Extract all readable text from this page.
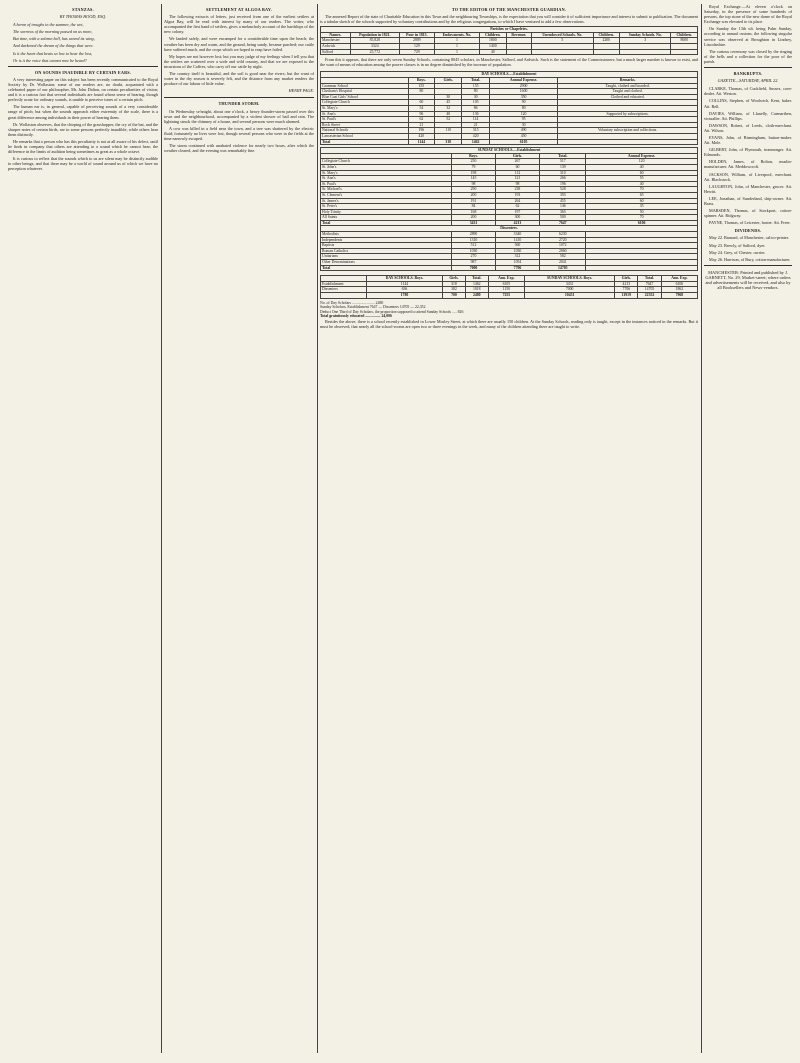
STANZAS.
BY THOMAS HOOD, ESQ.

A heron of troughs in the summer, the wet,

The sorrows of the morning passed on us more,

But time, with a solemn bell, has waved its wing,

And darkened the dream of the things that were.

Is it the heart that beats so low to hear the lost,

Or is it the voice that cannot now be heard?

ON SOUNDS INAUDIBLE BY CERTAIN EARS.

A very interesting paper on this subject has been recently communicated to the Royal Society by Dr. Wollaston; some of our readers are, no doubt, acquainted with a celebrated paper of our philosopher, Mr. John Dalton, on certain peculiarities of vision; and it is a curious fact that several individuals are found whose sense of hearing, though perfectly acute for ordinary sounds, is unable to perceive tones of a certain pitch.

The human ear is, in general, capable of perceiving sounds of a very considerable range of pitch; but when the sounds approach either extremity of the scale, there is a great difference among individuals in their power of hearing them.

Dr. Wollaston observes, that the chirping of the grasshopper, the cry of the bat, and the sharper notes of certain birds, are to some persons perfectly inaudible, while others hear them distinctly.

He remarks that a person who has this peculiarity is not at all aware of his defect, until he finds in company that others are attending to a sound which he cannot hear; the difference in the limits of audition being sometimes as great as a whole octave.

It is curious to reflect that the sounds which to us are silent may be distinctly audible to other beings, and that there may be a world of sound around us of which we have no perception whatever.

SETTLEMENT AT ALGOA BAY.

The following extracts of letters, just received from one of the earliest settlers at Algoa Bay, will be read with interest by many of our readers. The writer, who accompanied the first band of settlers, gives a melancholy account of the hardships of the new colony.

We landed safely, and were encamped for a considerable time upon the beach; the weather has been dry and warm, and the ground, being sandy, became parched; our cattle have suffered much, and the crops which we hoped to reap have failed.

My hopes are not however lost; but you may judge of my feelings when I tell you that the settlers are scattered over a wide and wild country, and that we are exposed to the incursions of the Caffres, who carry off our cattle by night.

The country itself is beautiful, and the soil is good near the rivers; but the want of water in the dry season is severely felt, and the distance from any market renders the produce of our labour of little value.

HENRY PAGE.
THUNDER STORM.

On Wednesday se'nnight, about one o'clock, a heavy thunder-storm passed over this town and the neighbourhood, accompanied by a violent shower of hail and rain. The lightning struck the chimney of a house, and several persons were much alarmed.

A cow was killed in a field near the town, and a tree was shattered by the electric fluid; fortunately no lives were lost, though several persons who were in the fields at the time narrowly escaped.

The storm continued with unabated violence for nearly two hours, after which the weather cleared, and the evening was remarkably fine.

TO THE EDITOR OF THE MANCHESTER GUARDIAN.

The annexed Report of the state of Charitable Education in this Town and the neighbouring Townships, is the expectation that you will consider it of sufficient importance and interest to submit to publication. The document is a tabular sketch of the schools supported by voluntary contributions and by the religious congregations, to which I have ventured to add a few observations.

Parishes or Chapelries.									
Names.	Population in 1821.	Poor in 1815.	Endowments. No.	Children.	Revenue.	Unendowed Schools. No.	Children.	Sunday Schools. No.	Children.
Manchester	85,828	2889	1	1800		5	2200	3	8000
Ardwick	3324	129	1	1400					
Salford	25,772	729	1	40					

From this it appears, that there are only seven Sunday Schools, containing 8045 scholars, in Manchester, Salford, and Ardwick. Such is the statement of the Commissioners; but a much larger number is known to exist, and the want of means of education among the poorer classes is in no degree diminished by the increase of population.

DAY SCHOOLS.—Establishment					
	Boys.	Girls.	Total.	Annual Expense.	Remarks.
Grammar School	155		155	2900	Taught, clothed and boarded.
Chetham's Hospital	80		80	1600	Taught and clothed.
Blue Coat Girls' School		30	30	350	Clothed and educated.
Collegiate Church	60	45	105	90	
St. Mary's	54	32	86	80	
St. Ann's	96	40	136	120	Supported by subscriptions.
St. Paul's	62	52	114	95	
Rock Street	21		21	30	
National Schools	196	119	315	490	Voluntary subscription and collections.
Lancasterian School	420		420	450	
Total	1144	318	1462	6105	
SUNDAY SCHOOLS.—Establishment				
	Boys.	Girls.	Total.	Annual Expense.
Collegiate Church	250	267	517	120
St. John's	79	60	139	40
St. Mary's	198	112	310	60
St. Ann's	145	121	266	55
St. Paul's	98	98	196	40
St. Michael's	290	238	528	70
St. Clement's	200	193	393	65
St. James's	191	264	455	60
St. Peter's	84	62	146	35
Holy Trinity	168	197	365	50
All Saints	200	300	500	70
Total	3431	4213	7647	6106
Dissenters.				
Methodists	2890	3340	6230	
Independents	1310	1410	2720	
Baptists	512	560	1072	
Roman Catholics	1030	1030	2060	
Unitarians	270	312	582	
Other Denominations	987	1054	2041	
Total	7000	7706	14705	
	DAY SCHOOLS. Boys.	Girls.	Total.	Ann. Exp.	SUNDAY SCHOOLS. Boys.	Girls.	Total.	Ann. Exp.
Establishment	1144	318	1462	6105	3431	4213	7647	6106
Dissenters	636	382	1018	1150	7000	7706	14705	1862
	1780	700	2480	7255	10431	11919	22352	7968
No. of Day Scholars ........................ 2480
Sunday Scholars, Establishment 7647 — Dissenters 14705 — 22,352
Deduct One Third of Day Scholars, the proportion supposed to attend Sunday Schools ..... 826
Total gratuitously educated ................ 24,006

Besides the above, there is a school recently established in Lower Mosley Street, at which there are usually 150 children. At the Sunday Schools, reading only is taught, except in the instances noticed in the remarks. But it must be observed, that nearly all the school-rooms are open two or three evenings in the week, and many of the children attending there are taught to write.

Royal Exchange.—At eleven o'clock on Saturday, in the presence of some hundreds of persons, the top stone of the new dome of the Royal Exchange was elevated to its place.

On Sunday the 13th ult. being Palm Sunday, according to annual custom, the following singular service was observed at Broughton in Lindsey, Lincolnshire.

The curious ceremony was closed by the ringing of the bells and a collection for the poor of the parish.

BANKRUPTS.
GAZETTE—SATURDAY, APRIL 22.

CLARKE, Thomas, of Cuckfield, Sussex, corn-dealer. Att. Weston.

COLLINS, Stephen, of Woolwich, Kent, baker. Att. Bell.

DAVIES, William, of Llanelly, Carmarthen, victualler. Att. Phillips.

DAWSON, Robert, of Leeds, cloth-merchant. Att. Wilson.

EVANS, John, of Birmingham, button-maker. Att. Mole.

GILBERT, John, of Plymouth, ironmonger. Att. Edmonds.

HOLDEN, James, of Bolton, muslin-manufacturer. Att. Meddowcroft.

JACKSON, William, of Liverpool, merchant. Att. Blackstock.

LAUGHTON, John, of Manchester, grocer. Att. Hewitt.

LEE, Jonathan, of Sunderland, ship-owner. Att. Brass.

MARSDEN, Thomas, of Stockport, cotton-spinner. Att. Ridgway.

PAYNE, Thomas, of Leicester, hosier. Att. Freer.

DIVIDENDS.

May 22. Barnard, of Manchester, calico-printer.

May 23. Brewly, of Salford, dyer.

May 24. Grey, of Chester, currier.

May 26. Harrison, of Bury, cotton-manufacturer.

MANCHESTER: Printed and published by J. GARNETT, No. 29, Market-street; where orders and advertisements will be received, and also by all Booksellers and News-vendors.
